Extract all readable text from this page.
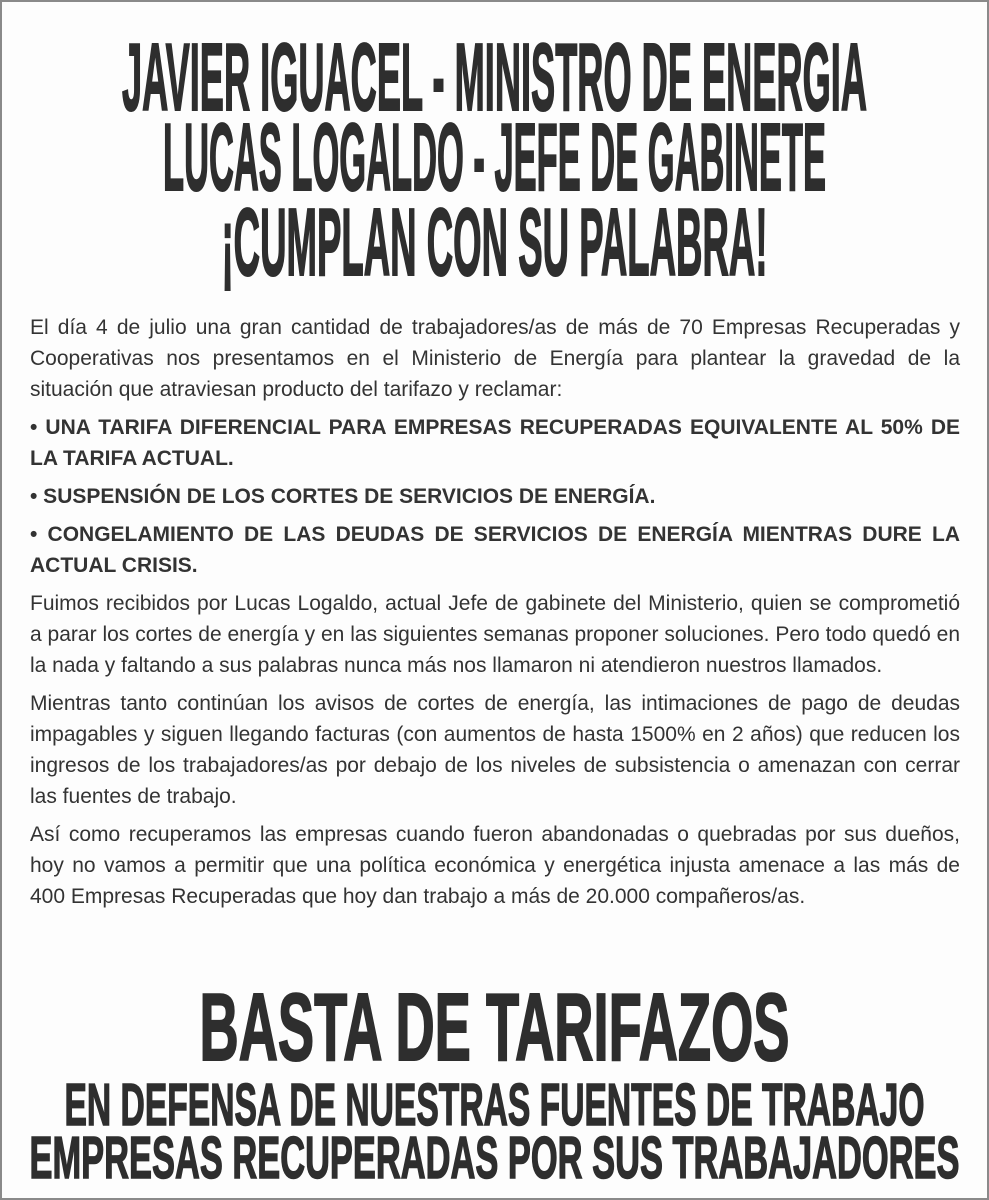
JAVIER IGUACEL - MINISTRO DE ENERGIA
LUCAS LOGALDO - JEFE DE GABINETE
¡CUMPLAN CON SU PALABRA!

El día 4 de julio una gran cantidad de trabajadores/as de más de 70 Empresas Recuperadas y Cooperativas nos presentamos en el Ministerio de Energía para plantear la gravedad de la situación que atraviesan producto del tarifazo y reclamar:

• UNA TARIFA DIFERENCIAL PARA EMPRESAS RECUPERADAS EQUIVALENTE AL 50% DE LA TARIFA ACTUAL.

• SUSPENSIÓN DE LOS CORTES DE SERVICIOS DE ENERGÍA.

• CONGELAMIENTO DE LAS DEUDAS DE SERVICIOS DE ENERGÍA MIENTRAS DURE LA ACTUAL CRISIS.

Fuimos recibidos por Lucas Logaldo, actual Jefe de gabinete del Ministerio, quien se comprometió a parar los cortes de energía y en las siguientes semanas proponer soluciones. Pero todo quedó en la nada y faltando a sus palabras nunca más nos llamaron ni atendieron nuestros llamados.

Mientras tanto continúan los avisos de cortes de energía, las intimaciones de pago de deudas impagables y siguen llegando facturas (con aumentos de hasta 1500% en 2 años) que reducen los ingresos de los trabajadores/as por debajo de los niveles de subsistencia o amenazan con cerrar las fuentes de trabajo.

Así como recuperamos las empresas cuando fueron abandonadas o quebradas por sus dueños, hoy no vamos a permitir que una política económica y energética injusta amenace a las más de 400 Empresas Recuperadas que hoy dan trabajo a más de 20.000 compañeros/as.

BASTA DE TARIFAZOS
EN DEFENSA DE NUESTRAS FUENTES DE TRABAJO
EMPRESAS RECUPERADAS POR SUS TRABAJADORES
